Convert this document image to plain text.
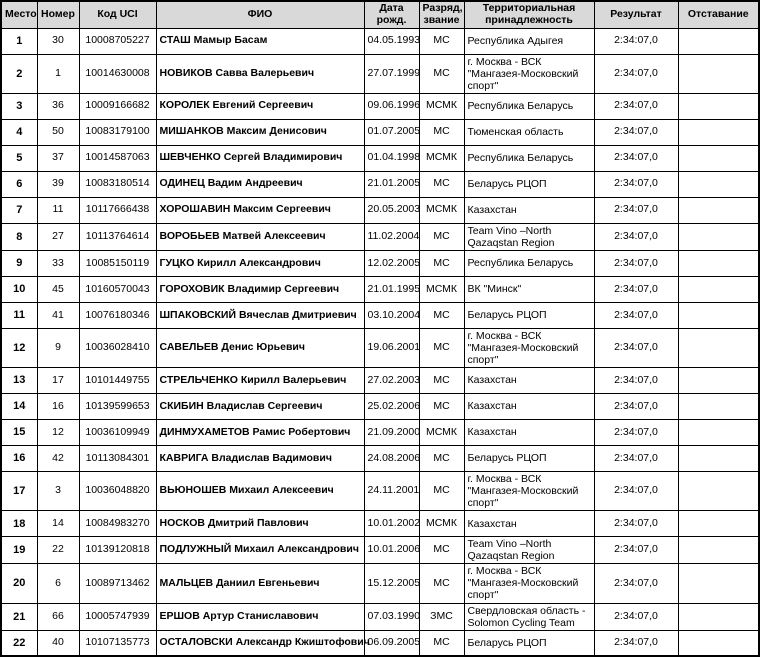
Место	Номер	Код UCI	ФИО	Дата рожд.	Разряд, звание	Территориальная принадлежность	Результат	Отставание
1	30	10008705227	СТАШ Мамыр Басам	04.05.1993	МС	Республика Адыгея	2:34:07,0	
2	1	10014630008	НОВИКОВ Савва Валерьевич	27.07.1999	МС	г. Москва - ВСК "Мангазея-Московский спорт"	2:34:07,0	
3	36	10009166682	КОРОЛЕК Евгений Сергеевич	09.06.1996	МСМК	Республика Беларусь	2:34:07,0	
4	50	10083179100	МИШАНКОВ Максим Денисович	01.07.2005	МС	Тюменская область	2:34:07,0	
5	37	10014587063	ШЕВЧЕНКО Сергей Владимирович	01.04.1998	МСМК	Республика Беларусь	2:34:07,0	
6	39	10083180514	ОДИНЕЦ Вадим Андреевич	21.01.2005	МС	Беларусь РЦОП	2:34:07,0	
7	11	10117666438	ХОРОШАВИН Максим Сергеевич	20.05.2003	МСМК	Казахстан	2:34:07,0	
8	27	10113764614	ВОРОБЬЕВ Матвей Алексеевич	11.02.2004	МС	Team Vino –North Qazaqstan Region	2:34:07,0	
9	33	10085150119	ГУЦКО Кирилл Александрович	12.02.2005	МС	Республика Беларусь	2:34:07,0	
10	45	10160570043	ГОРОХОВИК Владимир Сергеевич	21.01.1995	МСМК	ВК "Минск"	2:34:07,0	
11	41	10076180346	ШПАКОВСКИЙ Вячеслав Дмитриевич	03.10.2004	МС	Беларусь РЦОП	2:34:07,0	
12	9	10036028410	САВЕЛЬЕВ Денис Юрьевич	19.06.2001	МС	г. Москва - ВСК "Мангазея-Московский спорт"	2:34:07,0	
13	17	10101449755	СТРЕЛЬЧЕНКО Кирилл Валерьевич	27.02.2003	МС	Казахстан	2:34:07,0	
14	16	10139599653	СКИБИН Владислав Сергеевич	25.02.2006	МС	Казахстан	2:34:07,0	
15	12	10036109949	ДИНМУХАМЕТОВ Рамис Робертович	21.09.2000	МСМК	Казахстан	2:34:07,0	
16	42	10113084301	КАВРИГА Владислав Вадимович	24.08.2006	МС	Беларусь РЦОП	2:34:07,0	
17	3	10036048820	ВЬЮНОШЕВ Михаил Алексеевич	24.11.2001	МС	г. Москва - ВСК "Мангазея-Московский спорт"	2:34:07,0	
18	14	10084983270	НОСКОВ Дмитрий Павлович	10.01.2002	МСМК	Казахстан	2:34:07,0	
19	22	10139120818	ПОДЛУЖНЫЙ Михаил Александрович	10.01.2006	МС	Team Vino –North Qazaqstan Region	2:34:07,0	
20	6	10089713462	МАЛЬЦЕВ Даниил Евгеньевич	15.12.2005	МС	г. Москва - ВСК "Мангазея-Московский спорт"	2:34:07,0	
21	66	10005747939	ЕРШОВ Артур Станиславович	07.03.1990	ЗМС	Свердловская область - Solomon Cycling Team	2:34:07,0	
22	40	10107135773	ОСТАЛОВСКИ Александр Кжиштофович	06.09.2005	МС	Беларусь РЦОП	2:34:07,0	
